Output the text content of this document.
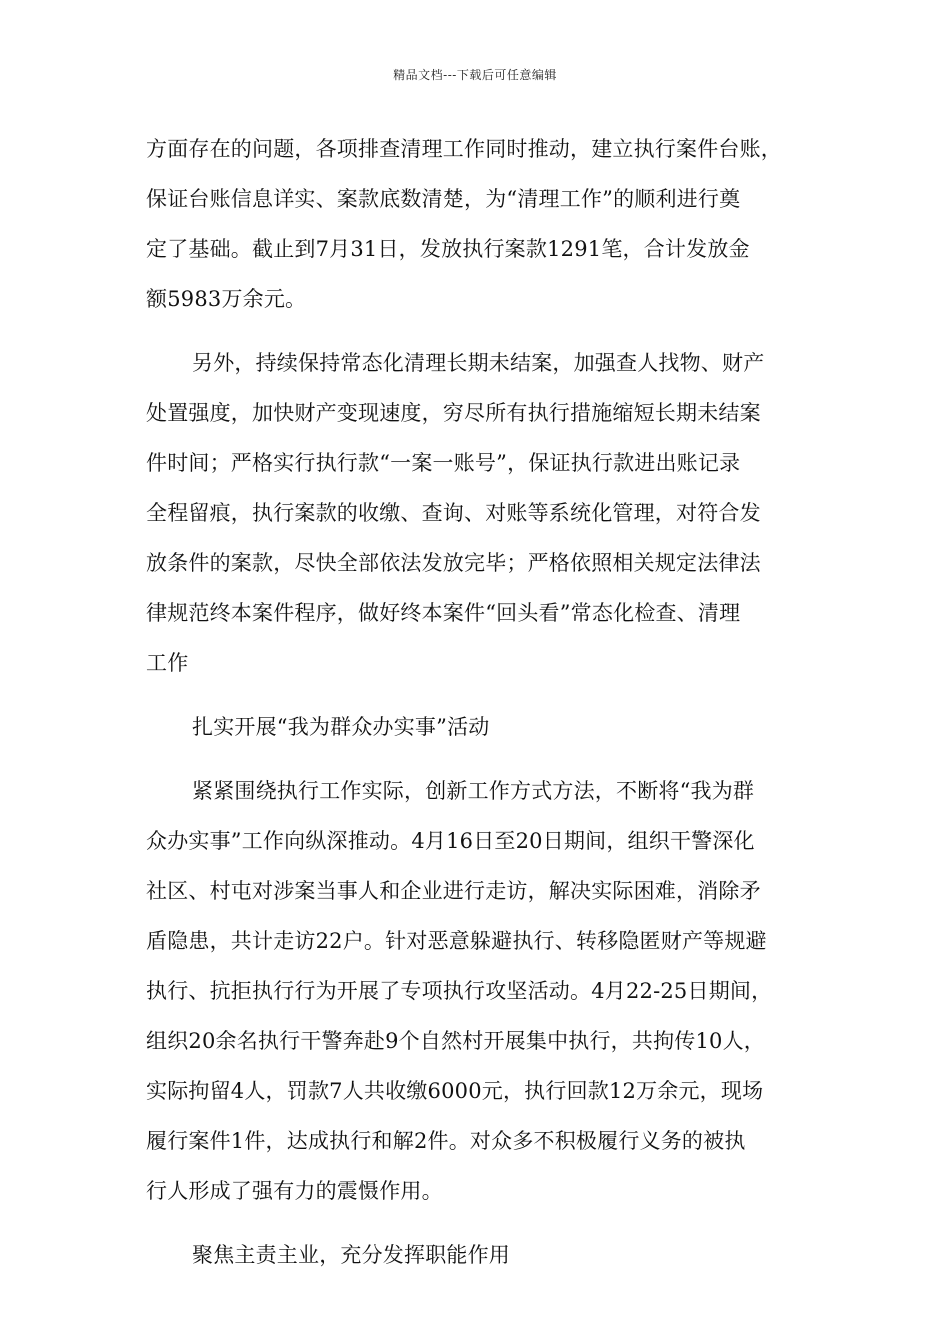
精品文档---下载后可任意编辑
方面存在的问题，各项排查清理工作同时推动，建立执行案件台账，
保证台账信息详实、案款底数清楚，为“清理工作”的顺利进行奠
定了基础。截止到7月31日，发放执行案款1291笔，合计发放金
额5983万余元。
另外，持续保持常态化清理长期未结案，加强查人找物、财产
处置强度，加快财产变现速度，穷尽所有执行措施缩短长期未结案
件时间；严格实行执行款“一案一账号”，保证执行款进出账记录
全程留痕，执行案款的收缴、查询、对账等系统化管理，对符合发
放条件的案款，尽快全部依法发放完毕；严格依照相关规定法律法
律规范终本案件程序，做好终本案件“回头看”常态化检查、清理
工作
扎实开展“我为群众办实事”活动
紧紧围绕执行工作实际，创新工作方式方法，不断将“我为群
众办实事”工作向纵深推动。4月16日至20日期间，组织干警深化
社区、村屯对涉案当事人和企业进行走访，解决实际困难，消除矛
盾隐患，共计走访22户。针对恶意躲避执行、转移隐匿财产等规避
执行、抗拒执行行为开展了专项执行攻坚活动。4月22-25日期间，
组织20余名执行干警奔赴9个自然村开展集中执行，共拘传10人，
实际拘留4人，罚款7人共收缴6000元，执行回款12万余元，现场
履行案件1件，达成执行和解2件。对众多不积极履行义务的被执
行人形成了强有力的震慑作用。
聚焦主责主业，充分发挥职能作用
